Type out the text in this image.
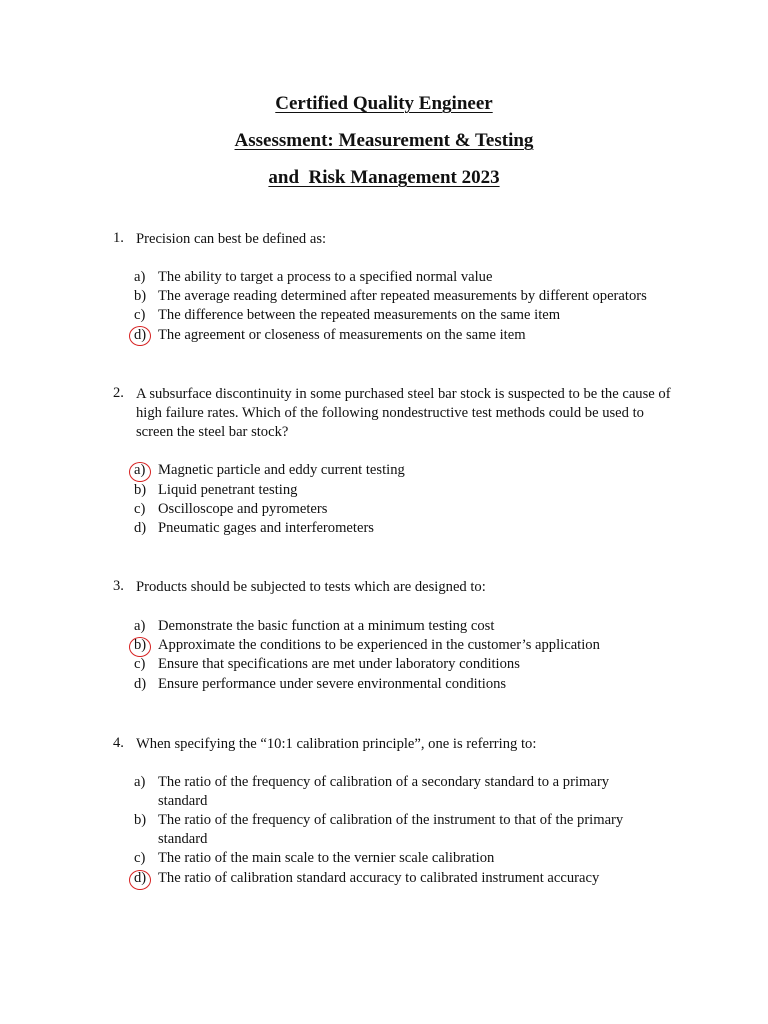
Certified Quality Engineer
Assessment: Measurement & Testing
and  Risk Management 2023
1. Precision can best be defined as:
a) The ability to target a process to a specified normal value
b) The average reading determined after repeated measurements by different operators
c) The difference between the repeated measurements on the same item
d) The agreement or closeness of measurements on the same item
2. A subsurface discontinuity in some purchased steel bar stock is suspected to be the cause of high failure rates. Which of the following nondestructive test methods could be used to screen the steel bar stock?
a) Magnetic particle and eddy current testing
b) Liquid penetrant testing
c) Oscilloscope and pyrometers
d) Pneumatic gages and interferometers
3. Products should be subjected to tests which are designed to:
a) Demonstrate the basic function at a minimum testing cost
b) Approximate the conditions to be experienced in the customer’s application
c) Ensure that specifications are met under laboratory conditions
d) Ensure performance under severe environmental conditions
4. When specifying the “10:1 calibration principle”, one is referring to:
a) The ratio of the frequency of calibration of a secondary standard to a primary standard
b) The ratio of the frequency of calibration of the instrument to that of the primary standard
c) The ratio of the main scale to the vernier scale calibration
d) The ratio of calibration standard accuracy to calibrated instrument accuracy
